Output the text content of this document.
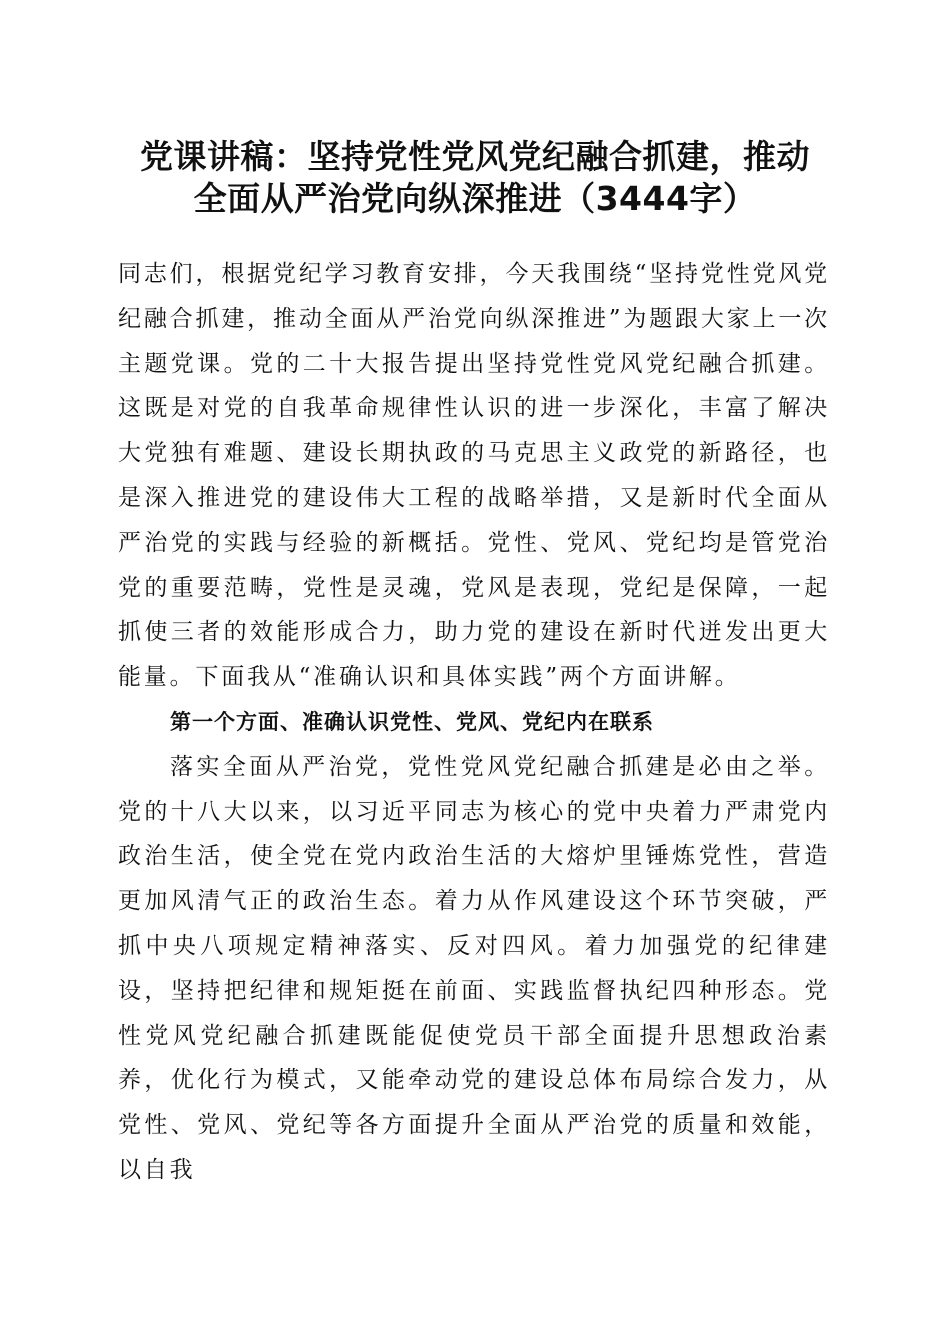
党课讲稿：坚持党性党风党纪融合抓建，推动
全面从严治党向纵深推进（3444字）

同志们，根据党纪学习教育安排，今天我围绕“坚持党性党风党纪融合抓建，推动全面从严治党向纵深推进”为题跟大家上一次主题党课。党的二十大报告提出坚持党性党风党纪融合抓建。这既是对党的自我革命规律性认识的进一步深化，丰富了解决大党独有难题、建设长期执政的马克思主义政党的新路径，也是深入推进党的建设伟大工程的战略举措，又是新时代全面从严治党的实践与经验的新概括。党性、党风、党纪均是管党治党的重要范畴，党性是灵魂，党风是表现，党纪是保障，一起抓使三者的效能形成合力，助力党的建设在新时代迸发出更大能量。下面我从“准确认识和具体实践”两个方面讲解。

第一个方面、准确认识党性、党风、党纪内在联系

落实全面从严治党，党性党风党纪融合抓建是必由之举。党的十八大以来，以习近平同志为核心的党中央着力严肃党内政治生活，使全党在党内政治生活的大熔炉里锤炼党性，营造更加风清气正的政治生态。着力从作风建设这个环节突破，严抓中央八项规定精神落实、反对四风。着力加强党的纪律建设，坚持把纪律和规矩挺在前面、实践监督执纪四种形态。党性党风党纪融合抓建既能促使党员干部全面提升思想政治素养，优化行为模式，又能牵动党的建设总体布局综合发力，从党性、党风、党纪等各方面提升全面从严治党的质量和效能，以自我
